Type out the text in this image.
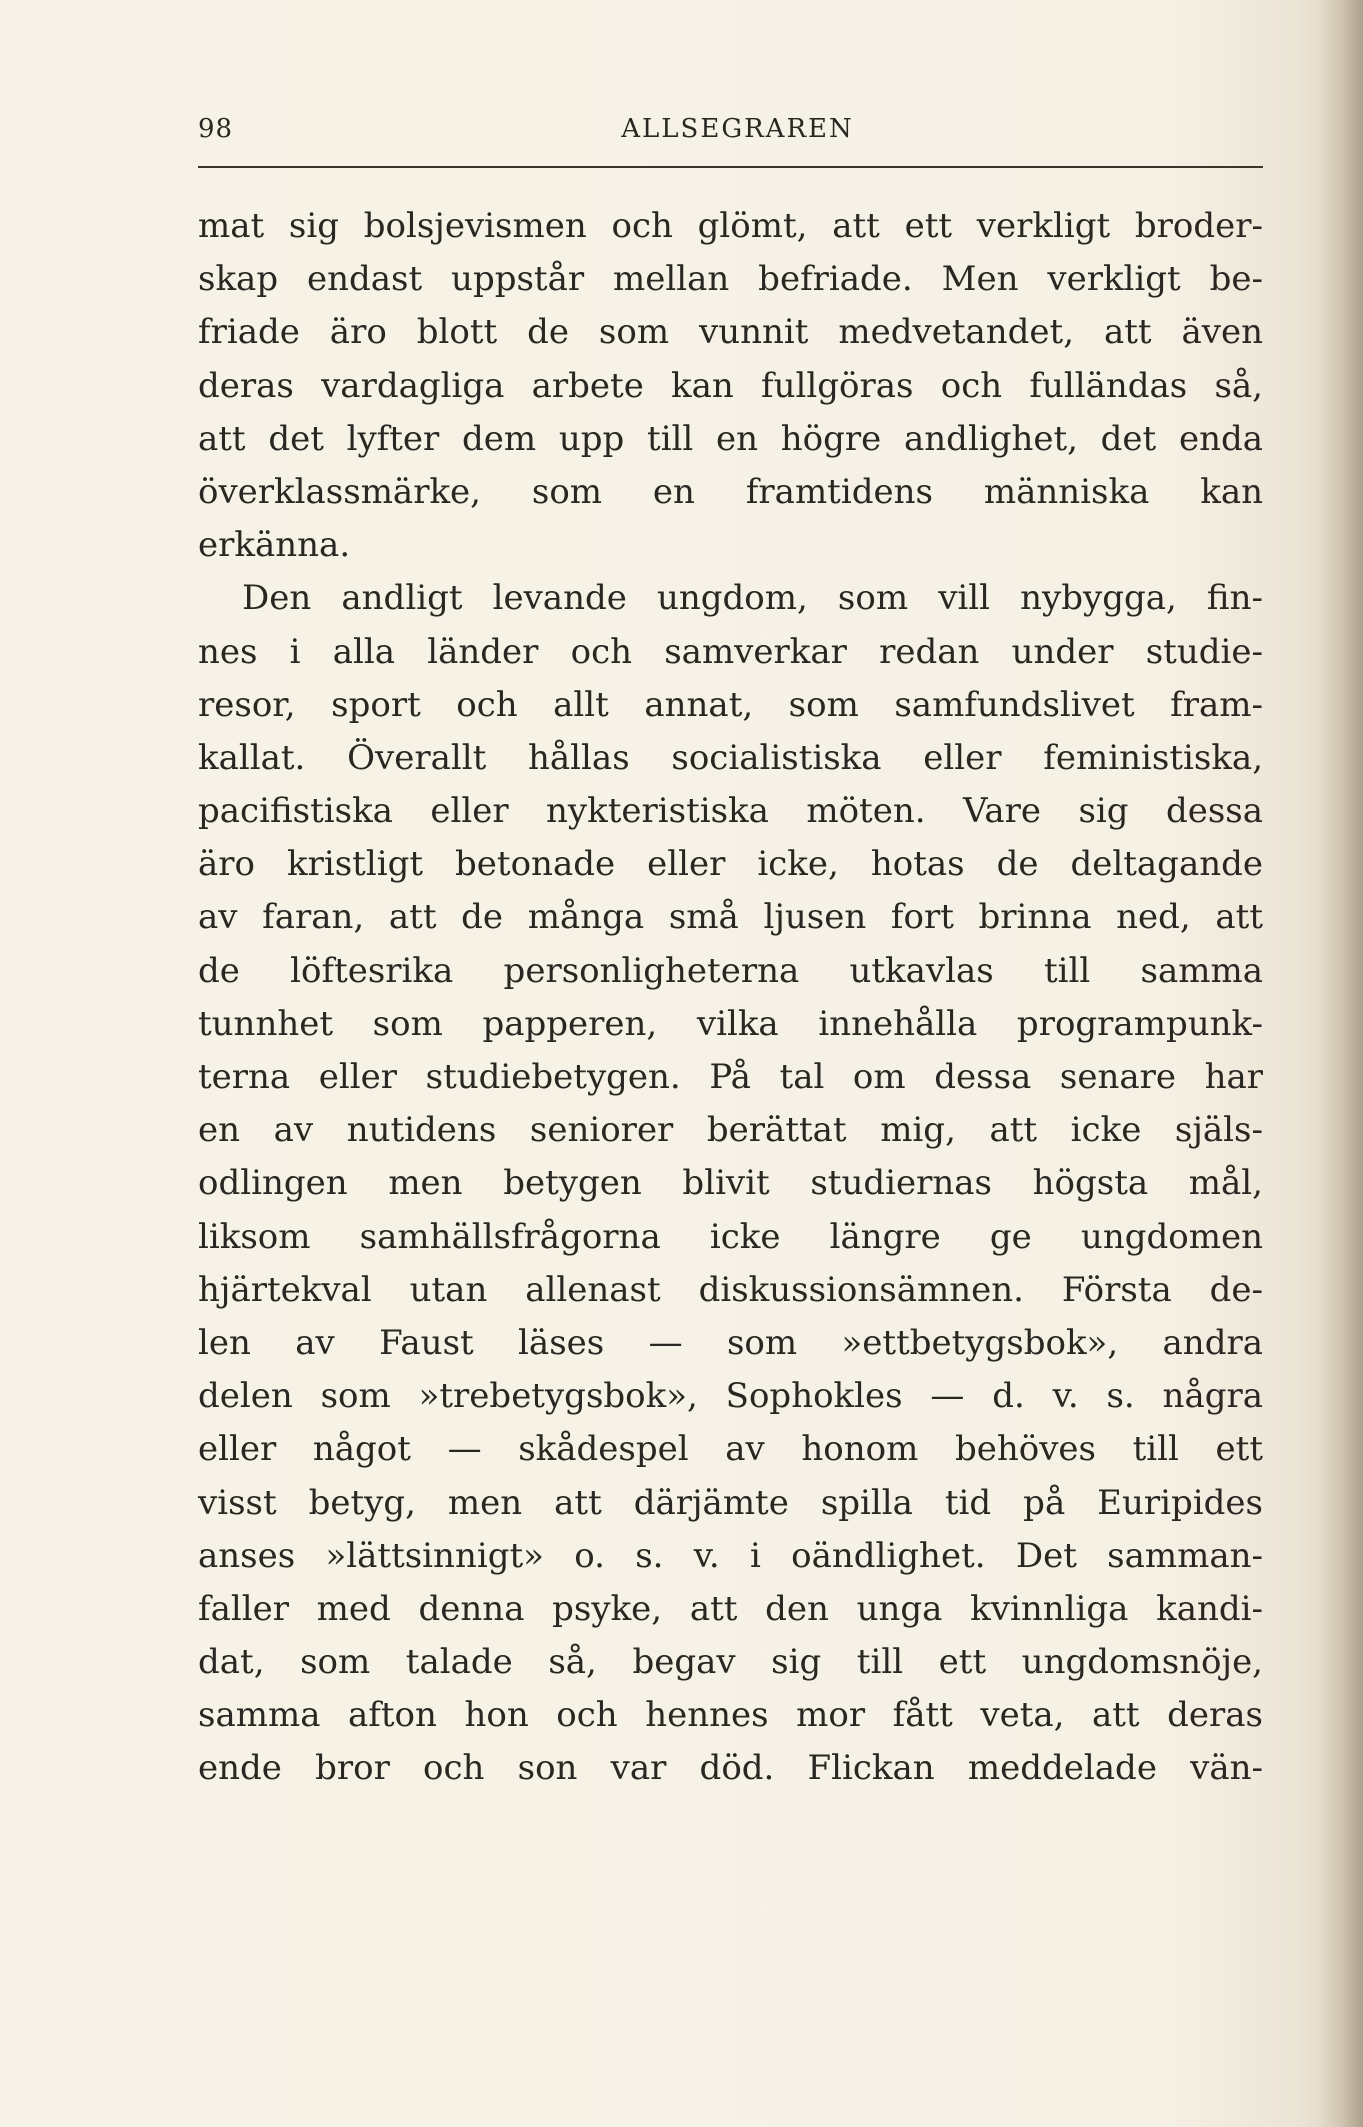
98	ALLSEGRAREN
mat sig bolsjevismen och glömt, att ett verkligt broder-
skap endast uppstår mellan befriade. Men verkligt be-
friade äro blott de som vunnit medvetandet, att även
deras vardagliga arbete kan fullgöras och fulländas så,
att det lyfter dem upp till en högre andlighet, det enda
överklassmärke, som en framtidens människa kan
erkänna.
Den andligt levande ungdom, som vill nybygga, fin-
nes i alla länder och samverkar redan under studie-
resor, sport och allt annat, som samfundslivet fram-
kallat. Överallt hållas socialistiska eller feministiska,
pacifistiska eller nykteristiska möten. Vare sig dessa
äro kristligt betonade eller icke, hotas de deltagande
av faran, att de många små ljusen fort brinna ned, att
de löftesrika personligheterna utkavlas till samma
tunnhet som papperen, vilka innehålla programpunk-
terna eller studiebetygen. På tal om dessa senare har
en av nutidens seniorer berättat mig, att icke själs-
odlingen men betygen blivit studiernas högsta mål,
liksom samhällsfrågorna icke längre ge ungdomen
hjärtekval utan allenast diskussionsämnen. Första de-
len av Faust läses — som »ettbetygsbok», andra
delen som »trebetygsbok», Sophokles — d. v. s. några
eller något — skådespel av honom behöves till ett
visst betyg, men att därjämte spilla tid på Euripides
anses »lättsinnigt» o. s. v. i oändlighet. Det samman-
faller med denna psyke, att den unga kvinnliga kandi-
dat, som talade så, begav sig till ett ungdomsnöje,
samma afton hon och hennes mor fått veta, att deras
ende bror och son var död. Flickan meddelade vän-
